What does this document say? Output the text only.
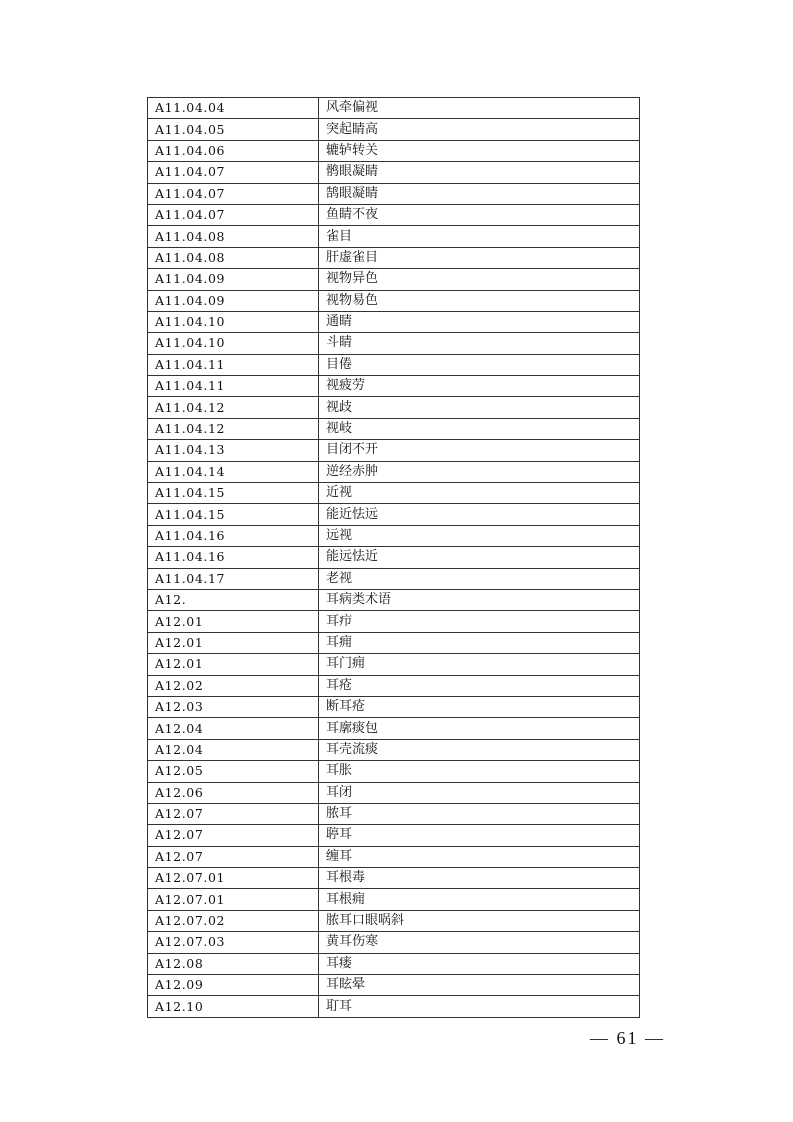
A11.04.04	风牵偏视
A11.04.05	突起睛高
A11.04.06	辘轳转关
A11.04.07	鹘眼凝睛
A11.04.07	鹄眼凝睛
A11.04.07	鱼睛不夜
A11.04.08	雀目
A11.04.08	肝虚雀目
A11.04.09	视物异色
A11.04.09	视物易色
A11.04.10	通睛
A11.04.10	斗睛
A11.04.11	目倦
A11.04.11	视疲劳
A11.04.12	视歧
A11.04.12	视岐
A11.04.13	目闭不开
A11.04.14	逆经赤肿
A11.04.15	近视
A11.04.15	能近怯远
A11.04.16	远视
A11.04.16	能远怯近
A11.04.17	老视
A12.	耳病类术语
A12.01	耳疖
A12.01	耳痈
A12.01	耳门痈
A12.02	耳疮
A12.03	断耳疮
A12.04	耳廓痰包
A12.04	耳壳流痰
A12.05	耳胀
A12.06	耳闭
A12.07	脓耳
A12.07	聤耳
A12.07	缠耳
A12.07.01	耳根毒
A12.07.01	耳根痈
A12.07.02	脓耳口眼㖞斜
A12.07.03	黄耳伤寒
A12.08	耳瘘
A12.09	耳眩晕
A12.10	耵耳
— 61 —
